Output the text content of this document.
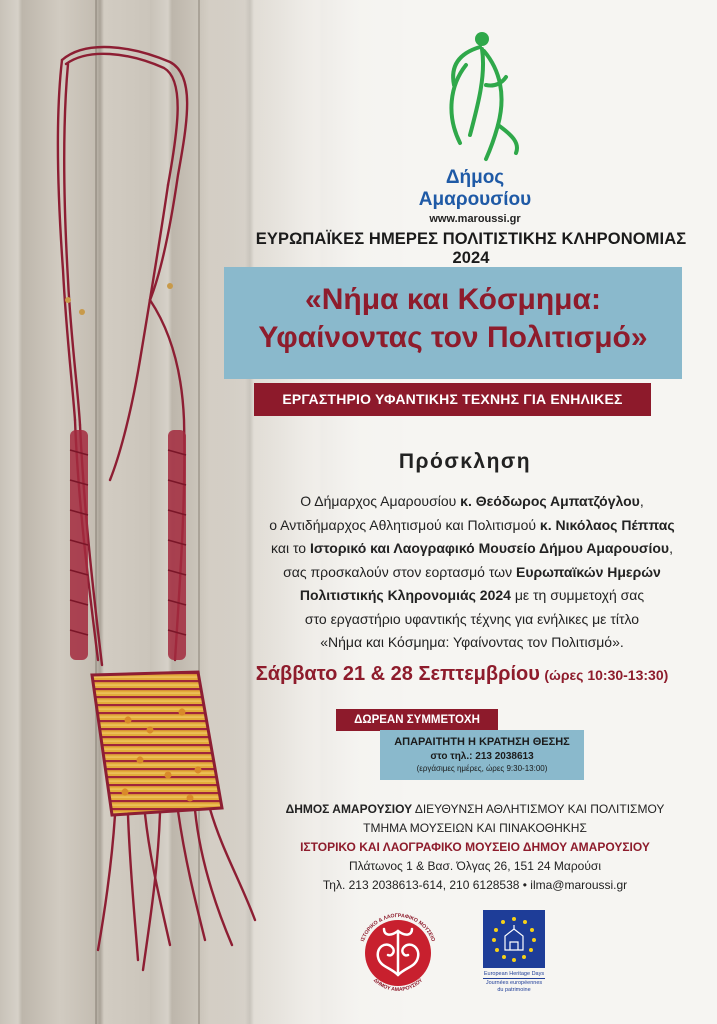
Δήμος Αμαρουσίου
www.maroussi.gr
ΕΥΡΩΠΑΪΚΕΣ ΗΜΕΡΕΣ ΠΟΛΙΤΙΣΤΙΚΗΣ ΚΛΗΡΟΝΟΜΙΑΣ 2024
«Νήμα και Κόσμημα:
Υφαίνοντας τον Πολιτισμό»
ΕΡΓΑΣΤΗΡΙΟ ΥΦΑΝΤΙΚΗΣ ΤΕΧΝΗΣ ΓΙΑ ΕΝΗΛΙΚΕΣ
Πρόσκληση
Ο Δήμαρχος Αμαρουσίου κ. Θεόδωρος Αμπατζόγλου,
ο Αντιδήμαρχος Αθλητισμού και Πολιτισμού κ. Νικόλαος Πέππας
και το Ιστορικό και Λαογραφικό Μουσείο Δήμου Αμαρουσίου,
σας προσκαλούν στον εορτασμό των Ευρωπαϊκών Ημερών
Πολιτιστικής Κληρονομιάς 2024 με τη συμμετοχή σας
στο εργαστήριο υφαντικής τέχνης για ενήλικες με τίτλο
«Νήμα και Κόσμημα: Υφαίνοντας τον Πολιτισμό».
Σάββατο 21 & 28 Σεπτεμβρίου (ώρες 10:30-13:30)
ΔΩΡΕΑΝ ΣΥΜΜΕΤΟΧΗ
ΑΠΑΡΑΙΤΗΤΗ Η ΚΡΑΤΗΣΗ ΘΕΣΗΣ
στο τηλ.: 213 2038613
(εργάσιμες ημέρες, ώρες 9:30-13:00)
ΔΗΜΟΣ ΑΜΑΡΟΥΣΙΟΥ ΔΙΕΥΘΥΝΣΗ ΑΘΛΗΤΙΣΜΟΥ ΚΑΙ ΠΟΛΙΤΙΣΜΟΥ
ΤΜΗΜΑ ΜΟΥΣΕΙΩΝ ΚΑΙ ΠΙΝΑΚΟΘΗΚΗΣ
ΙΣΤΟΡΙΚΟ ΚΑΙ ΛΑΟΓΡΑΦΙΚΟ ΜΟΥΣΕΙΟ ΔΗΜΟΥ ΑΜΑΡΟΥΣΙΟΥ
Πλάτωνος 1 & Βασ. Όλγας 26, 151 24 Μαρούσι
Τηλ. 213 2038613-614, 210 6128538 • ilma@maroussi.gr
ΙΣΤΟΡΙΚΟ & ΛΑΟΓΡΑΦΙΚΟ ΜΟΥΣΕΙΟ
ΔΗΜΟΥ ΑΜΑΡΟΥΣΙΟΥ
European Heritage Days
Journées européennes du patrimoine
